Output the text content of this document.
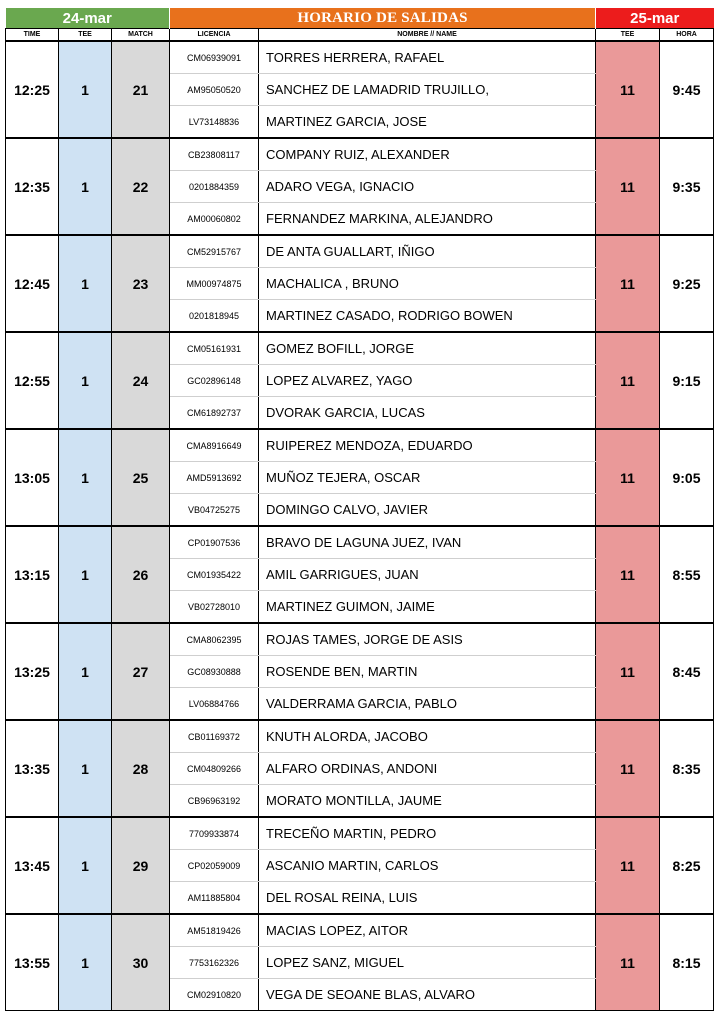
24-mar			HORARIO DE SALIDAS		25-mar	
TIME	TEE	MATCH	LICENCIA	NOMBRE // NAME	TEE	HORA
12:25	1	21	CM06939091	TORRES HERRERA, RAFAEL	11	9:45
			AM95050520	SANCHEZ DE LAMADRID TRUJILLO,		
			LV73148836	MARTINEZ GARCIA, JOSE		
12:35	1	22	CB23808117	COMPANY RUIZ, ALEXANDER	11	9:35
			0201884359	ADARO VEGA, IGNACIO		
			AM00060802	FERNANDEZ MARKINA, ALEJANDRO		
12:45	1	23	CM52915767	DE ANTA GUALLART, IÑIGO	11	9:25
			MM00974875	MACHALICA , BRUNO		
			0201818945	MARTINEZ CASADO, RODRIGO BOWEN		
12:55	1	24	CM05161931	GOMEZ BOFILL, JORGE	11	9:15
			GC02896148	LOPEZ ALVAREZ, YAGO		
			CM61892737	DVORAK GARCIA, LUCAS		
13:05	1	25	CMA8916649	RUIPEREZ MENDOZA, EDUARDO	11	9:05
			AMD5913692	MUÑOZ TEJERA, OSCAR		
			VB04725275	DOMINGO CALVO, JAVIER		
13:15	1	26	CP01907536	BRAVO DE LAGUNA JUEZ, IVAN	11	8:55
			CM01935422	AMIL GARRIGUES, JUAN		
			VB02728010	MARTINEZ GUIMON, JAIME		
13:25	1	27	CMA8062395	ROJAS TAMES, JORGE DE ASIS	11	8:45
			GC08930888	ROSENDE BEN, MARTIN		
			LV06884766	VALDERRAMA GARCIA, PABLO		
13:35	1	28	CB01169372	KNUTH ALORDA, JACOBO	11	8:35
			CM04809266	ALFARO ORDINAS, ANDONI		
			CB96963192	MORATO MONTILLA, JAUME		
13:45	1	29	7709933874	TRECEÑO MARTIN, PEDRO	11	8:25
			CP02059009	ASCANIO MARTIN, CARLOS		
			AM11885804	DEL ROSAL REINA, LUIS		
13:55	1	30	AM51819426	MACIAS LOPEZ, AITOR	11	8:15
			7753162326	LOPEZ SANZ, MIGUEL		
			CM02910820	VEGA DE SEOANE BLAS, ALVARO		
